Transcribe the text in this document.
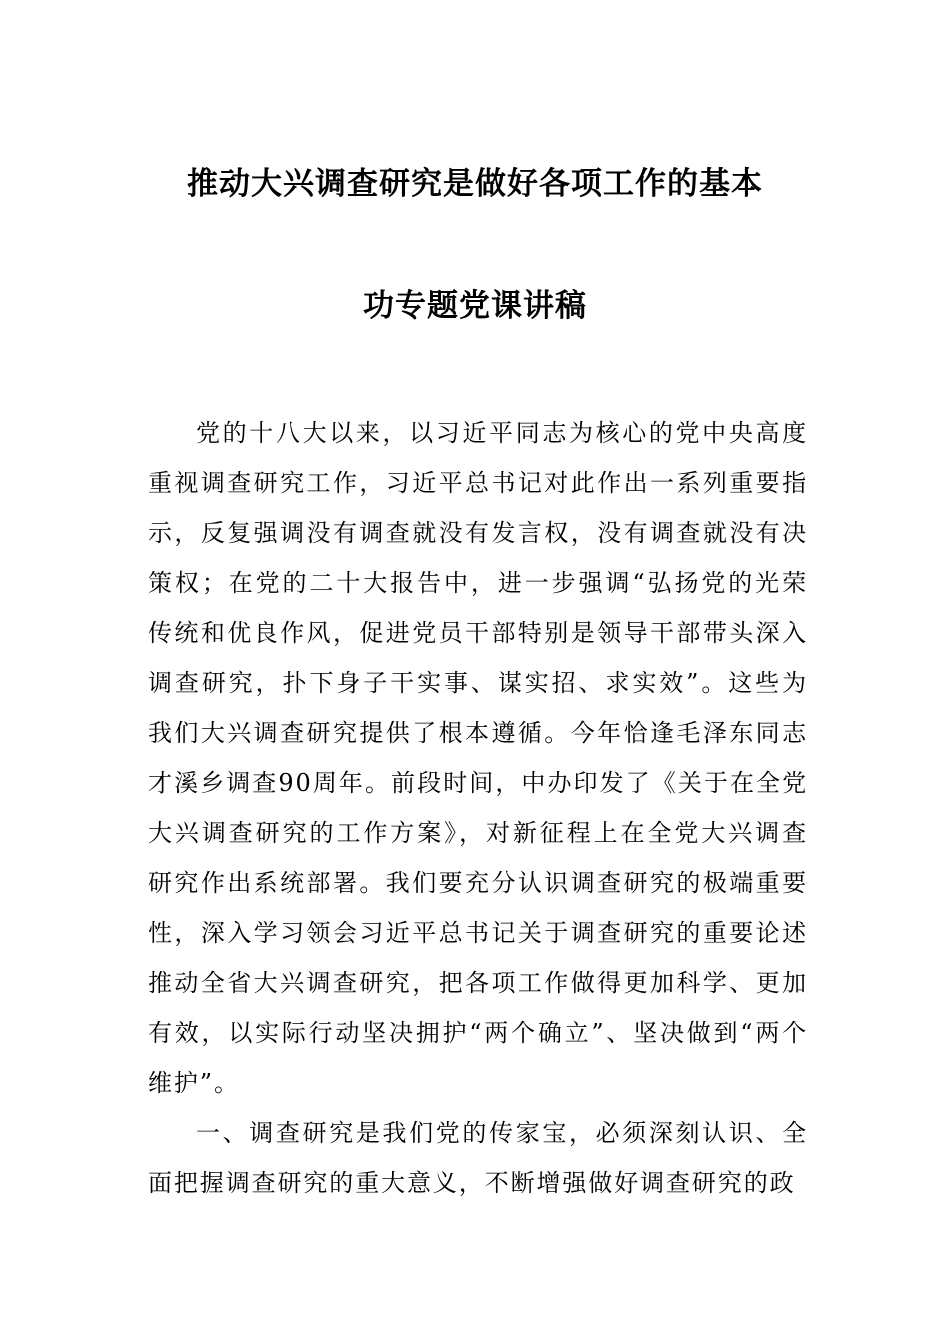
推动大兴调查研究是做好各项工作的基本
功专题党课讲稿

党的十八大以来，以习近平同志为核心的党中央高度重视调查研究工作，习近平总书记对此作出一系列重要指示，反复强调没有调查就没有发言权，没有调查就没有决策权；在党的二十大报告中，进一步强调“弘扬党的光荣传统和优良作风，促进党员干部特别是领导干部带头深入调查研究，扑下身子干实事、谋实招、求实效”。这些为我们大兴调查研究提供了根本遵循。今年恰逢毛泽东同志才溪乡调查90周年。前段时间，中办印发了《关于在全党大兴调查研究的工作方案》，对新征程上在全党大兴调查研究作出系统部署。我们要充分认识调查研究的极端重要性，深入学习领会习近平总书记关于调查研究的重要论述推动全省大兴调查研究，把各项工作做得更加科学、更加有效，以实际行动坚决拥护“两个确立”、坚决做到“两个维护”。

一、调查研究是我们党的传家宝，必须深刻认识、全面把握调查研究的重大意义，不断增强做好调查研究的政
